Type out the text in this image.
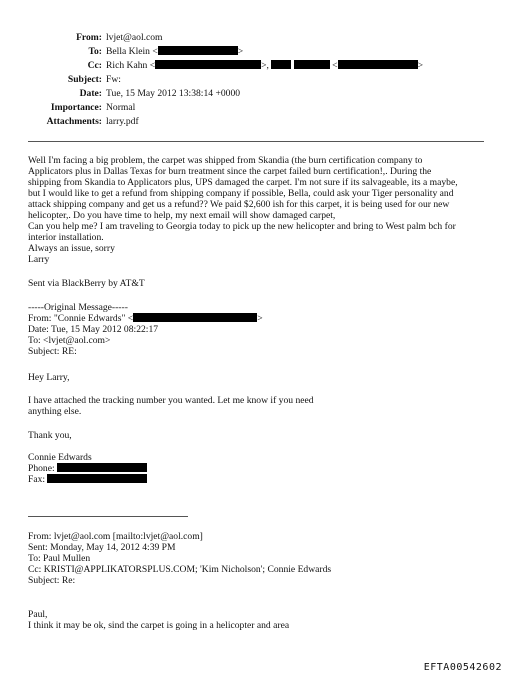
From: lvjet@aol.com
To: Bella Klein <	>
Cc: Rich Kahn <	>,	<	>
Subject: Fw:
Date: Tue, 15 May 2012 13:38:14 +0000
Importance: Normal
Attachments: larry.pdf
Well I'm facing a big problem, the carpet was shipped from Skandia (the burn certification company to
Applicators plus in Dallas Texas for burn treatment since the carpet failed burn certification!,. During the
shipping from Skandia to Applicators plus, UPS damaged the carpet. I'm not sure if its salvageable, its a maybe,
but I would like to get a refund from shipping company if possible, Bella, could ask your Tiger personality and
attack shipping company and get us a refund?? We paid $2,600 ish for this carpet, it is being used for our new
helicopter,. Do you have time to help, my next email will show damaged carpet,
Can you help me? I am traveling to Georgia today to pick up the new helicopter and bring to West palm bch for
interior installation.
Always an issue, sorry
Larry
Sent via BlackBerry by AT&T
-----Original Message-----
From: "Connie Edwards" <	>
Date: Tue, 15 May 2012 08:22:17
To: <lvjet@aol.com>
Subject: RE:
Hey Larry,
I have attached the tracking number you wanted. Let me know if you need
anything else.
Thank you,
Connie Edwards
Phone:
Fax:
From: lvjet@aol.com [mailto:lvjet@aol.com]
Sent: Monday, May 14, 2012 4:39 PM
To: Paul Mullen
Cc: KRISTI@APPLIKATORSPLUS.COM; 'Kim Nicholson'; Connie Edwards
Subject: Re:
Paul,
I think it may be ok, sind the carpet is going in a helicopter and area
EFTA00542602
